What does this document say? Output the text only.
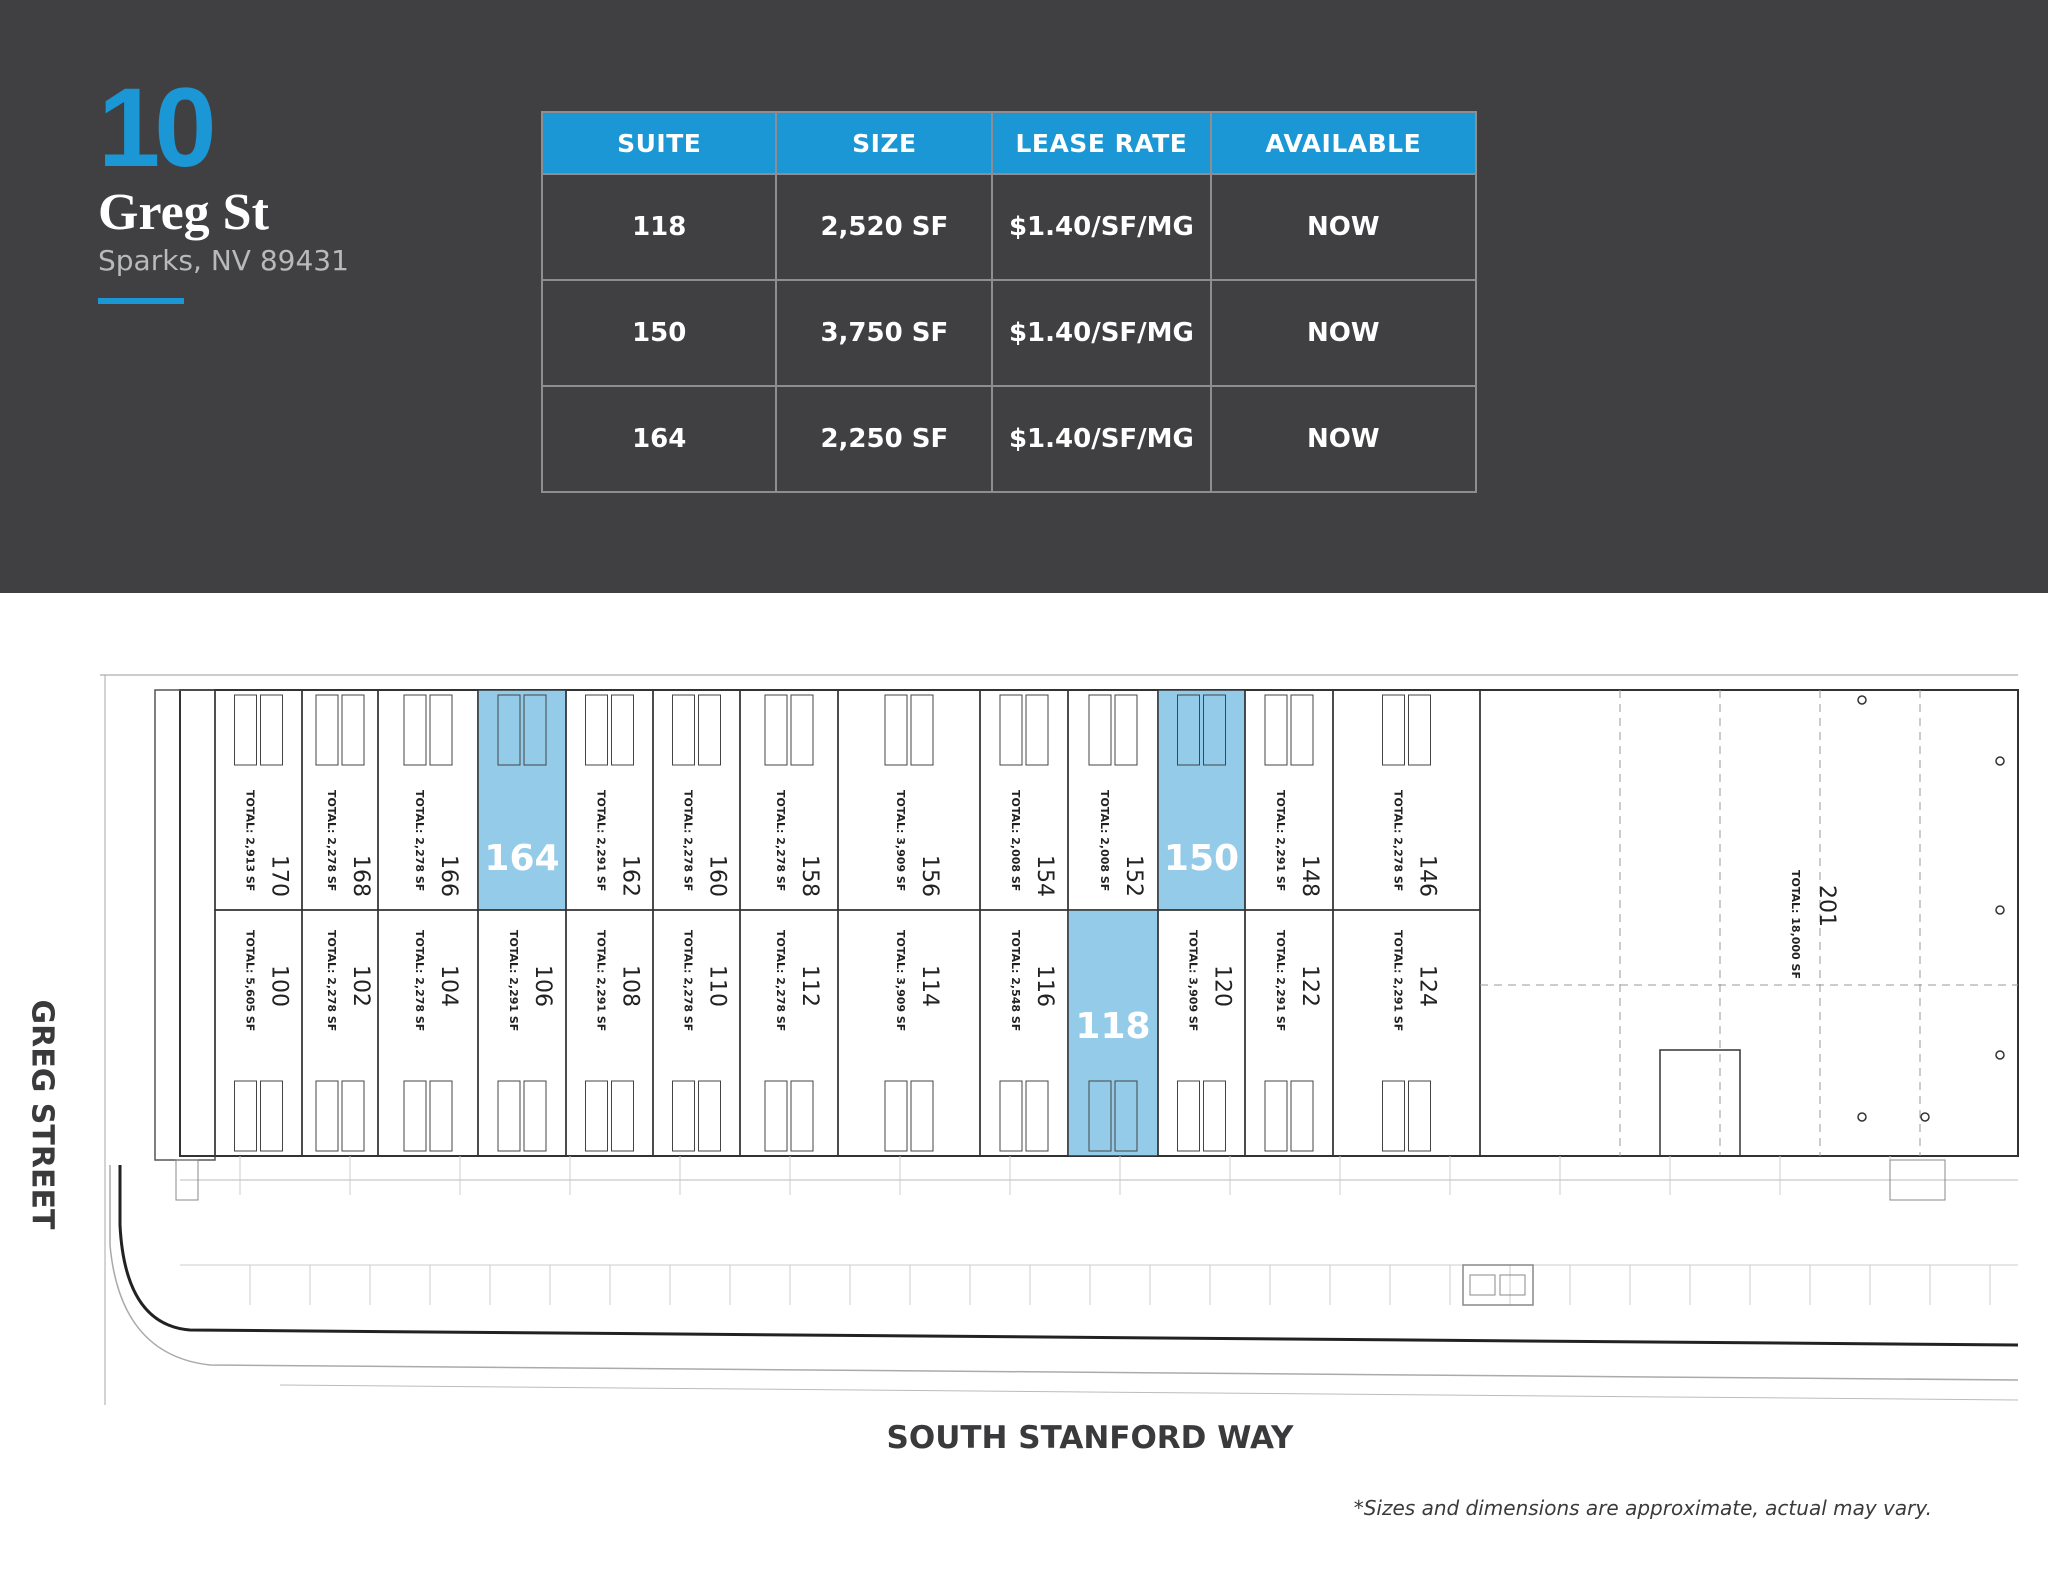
10
Greg St
Sparks, NV 89431
SUITE	SIZE	LEASE RATE	AVAILABLE
118	2,520 SF	$1.40/SF/MG	NOW
150	3,750 SF	$1.40/SF/MG	NOW
164	2,250 SF	$1.40/SF/MG	NOW
170
TOTAL: 2,913 SF	168
TOTAL: 2,278 SF	166
TOTAL: 2,278 SF 164	162
TOTAL: 2,291 SF	160
TOTAL: 2,278 SF	158
TOTAL: 2,278 SF	156
TOTAL: 3,909 SF	154
TOTAL: 2,008 SF	152
TOTAL: 2,008 SF 150	148
TOTAL: 2,291 SF	146
TOTAL: 2,278 SF
100
TOTAL: 5,605 SF	102
TOTAL: 2,278 SF	104
TOTAL: 2,278 SF	106
TOTAL: 2,291 SF	108
TOTAL: 2,291 SF	110
TOTAL: 2,278 SF	112
TOTAL: 2,278 SF	114
TOTAL: 3,909 SF	116
TOTAL: 2,548 SF 118
120
TOTAL: 3,909 SF	122
TOTAL: 2,291 SF	124
TOTAL: 2,291 SF
201
TOTAL: 18,000 SF
GREG STREET
SOUTH STANFORD WAY
*Sizes and dimensions are approximate, actual may vary.
